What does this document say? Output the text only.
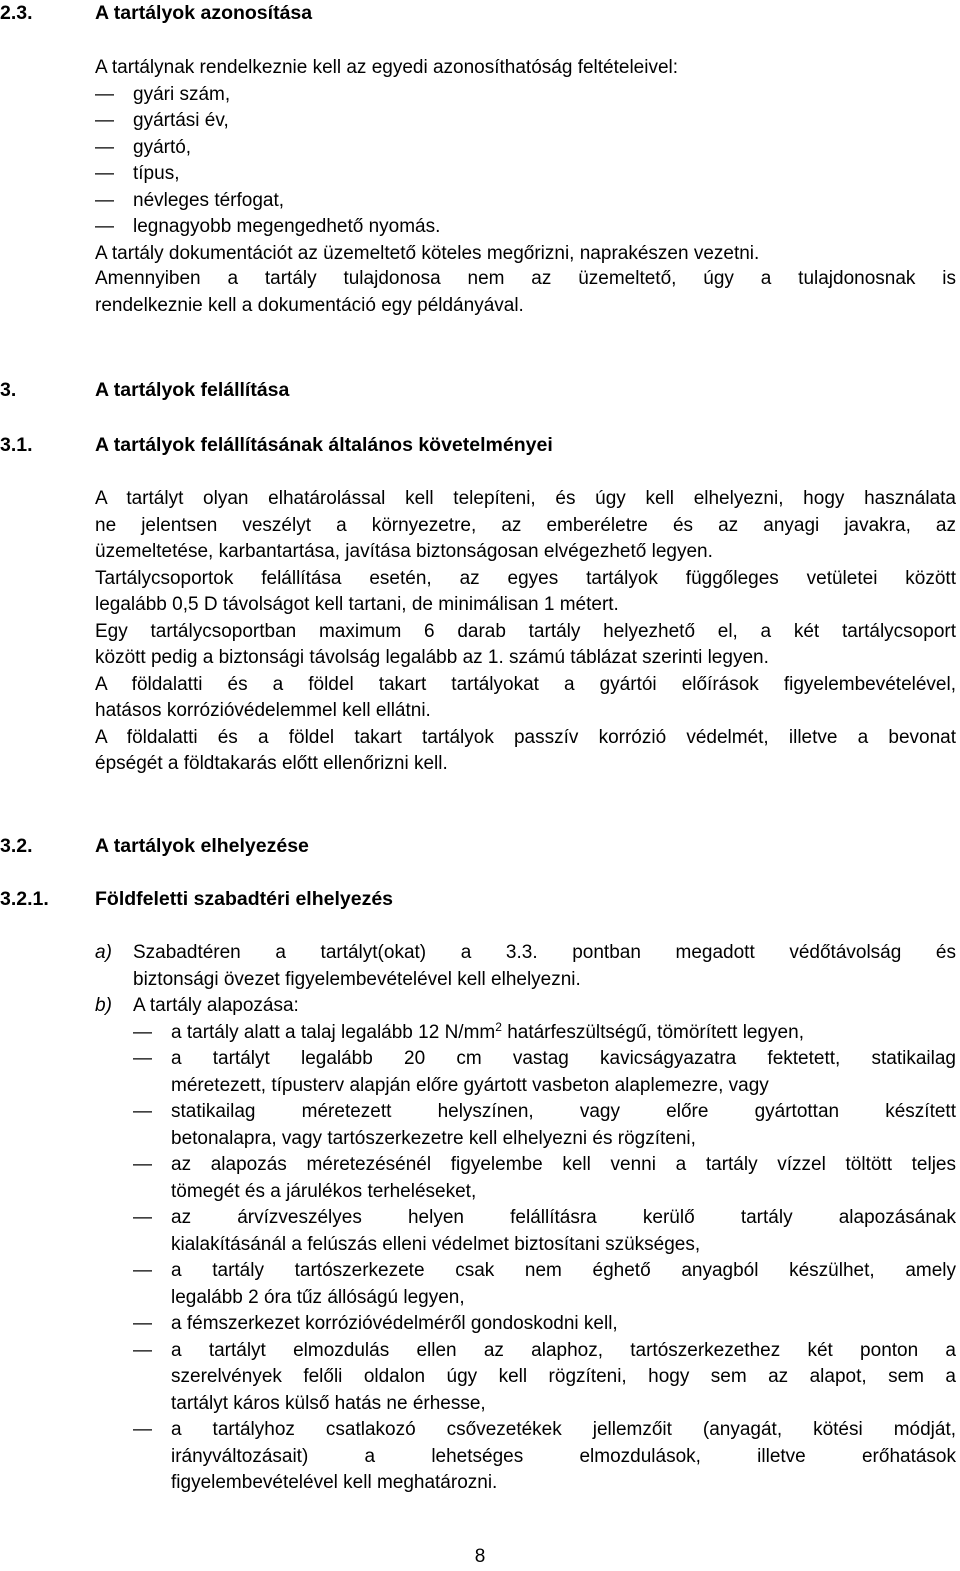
2.3.	A tartályok azonosítása

A tartálynak rendelkeznie kell az egyedi azonosíthatóság feltételeivel:

— gyári szám,
— gyártási év,
— gyártó,
— típus,
— névleges térfogat,
— legnagyobb megengedhető nyomás.

A tartály dokumentációt az üzemeltető köteles megőrizni, naprakészen vezetni.

Amennyiben a tartály tulajdonosa nem az üzemeltető, úgy a tulajdonosnak is
rendelkeznie kell a dokumentáció egy példányával.
3.	A tartályok felállítása
3.1.	A tartályok felállításának általános követelményei
A tartályt olyan elhatárolással kell telepíteni, és úgy kell elhelyezni, hogy használata
ne jelentsen veszélyt a környezetre, az emberéletre és az anyagi javakra, az
üzemeltetése, karbantartása, javítása biztonságosan elvégezhető legyen.
Tartálycsoportok felállítása esetén, az egyes tartályok függőleges vetületei között
legalább 0,5 D távolságot kell tartani, de minimálisan 1 métert.
Egy tartálycsoportban maximum 6 darab tartály helyezhető el, a két tartálycsoport
között pedig a biztonsági távolság legalább az 1. számú táblázat szerinti legyen.
A földalatti és a földel takart tartályokat a gyártói előírások figyelembevételével,
hatásos korrózióvédelemmel kell ellátni.
A földalatti és a földel takart tartályok passzív korrózió védelmét, illetve a bevonat
épségét a földtakarás előtt ellenőrizni kell.
3.2.	A tartályok elhelyezése
3.2.1. Földfeletti szabadtéri elhelyezés
a) Szabadtéren a tartályt(okat) a 3.3. pontban megadott védőtávolság és
biztonsági övezet figyelembevételével kell elhelyezni.
b) A tartály alapozása:
— a tartály alatt a talaj legalább 12 $N/mm^2$ határfeszültségű, tömörített legyen,
— a tartályt legalább 20 cm vastag kavicságyazatra fektetett, statikailag
méretezett, típusterv alapján előre gyártott vasbeton alaplemezre, vagy
— statikailag méretezett helyszínen, vagy előre gyártottan készített
betonalapra, vagy tartószerkezetre kell elhelyezni és rögzíteni,
— az alapozás méretezésénél figyelembe kell venni a tartály vízzel töltött teljes
tömegét és a járulékos terheléseket,
— az árvízveszélyes helyen felállításra kerülő tartály alapozásának
kialakításánál a felúszás elleni védelmet biztosítani szükséges,
— a tartály tartószerkezete csak nem éghető anyagból készülhet, amely
legalább 2 óra tűz állóságú legyen,
— a fémszerkezet korrózióvédelméről gondoskodni kell,
— a tartályt elmozdulás ellen az alaphoz, tartószerkezethez két ponton a
szerelvények felőli oldalon úgy kell rögzíteni, hogy sem az alapot, sem a
tartályt káros külső hatás ne érhesse,
— a tartályhoz csatlakozó csővezetékek jellemzőit (anyagát, kötési módját,
irányváltozásait) a lehetséges elmozdulások, illetve erőhatások
figyelembevételével kell meghatározni.
8
